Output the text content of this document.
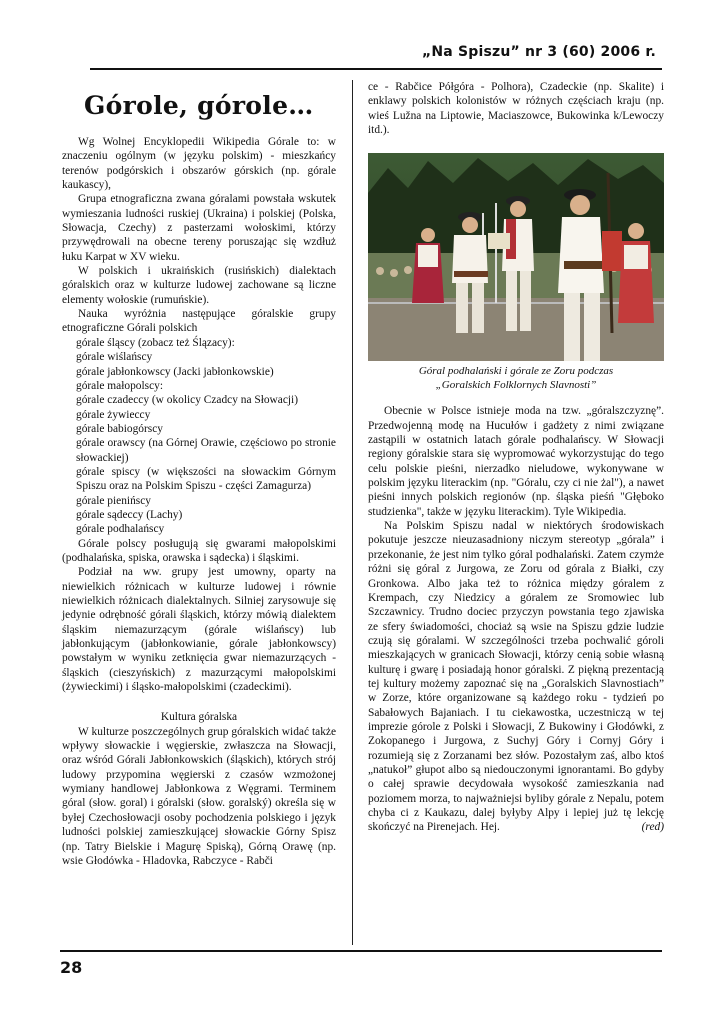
„Na Spiszu” nr 3 (60) 2006 r.
Górole, górole…

Wg Wolnej Encyklopedii Wikipedia Górale to: w znaczeniu ogólnym (w języku polskim) - mieszkańcy terenów podgórskich i obszarów górskich (np. górale kaukascy),

Grupa etnograficzna zwana góralami powstała wskutek wymieszania ludności ruskiej (Ukraina) i polskiej (Polska, Słowacja, Czechy) z pasterzami wołoskimi, którzy przywędrowali na obecne tereny poruszając się wzdłuż łuku Karpat w XV wieku.

W polskich i ukraińskich (rusińskich) dialektach góralskich oraz w kulturze ludowej zachowane są liczne elementy wołoskie (rumuńskie).

Nauka wyróżnia następujące góralskie grupy etnograficzne Górali polskich

górale śląscy (zobacz też Ślązacy):

górale wiślańscy

górale jabłonkowscy (Jacki jabłonkowskie)

górale małopolscy:

górale czadeccy (w okolicy Czadcy na Słowacji)

górale żywieccy

górale babiogórscy

górale orawscy (na Górnej Orawie, częściowo po stronie słowackiej)

górale spiscy (w większości na słowackim Górnym Spiszu oraz na Polskim Spiszu - części Zamagurza)

górale pienińscy

górale sądeccy (Lachy)

górale podhalańscy

Górale polscy posługują się gwarami małopolskimi (podhalańska, spiska, orawska i sądecka) i śląskimi.

Podział na ww. grupy jest umowny, oparty na niewielkich różnicach w kulturze ludowej i równie niewielkich różnicach dialektalnych. Silniej zarysowuje się jedynie odrębność górali śląskich, którzy mówią dialektem śląskim niemazurzącym (górale wiślańscy) lub jabłonkującym (jabłonkowianie, górale jabłonkowscy) powstałym w wyniku zetknięcia gwar niemazurzących - śląskich (cieszyńskich) z mazurzącymi małopolskimi (żywieckimi) i śląsko-małopolskimi (czadeckimi).

Kultura góralska

W kulturze poszczególnych grup góralskich widać także wpływy słowackie i węgierskie, zwłaszcza na Słowacji, oraz wśród Górali Jabłonkowskich (śląskich), których strój ludowy przypomina węgierski z czasów wzmożonej wymiany handlowej Jabłonkowa z Węgrami. Terminem góral (słow. goral) i góralski (słow. goralský) określa się w byłej Czechosłowacji osoby pochodzenia polskiego i język ludności polskiej zamieszkującej słowackie Górny Spisz (np. Tatry Bielskie i Magurę Spiską), Górną Orawę (np. wsie Głodówka - Hladovka, Rabczyce - Rabči

ce - Rabčice Półgóra - Polhora), Czadeckie (np. Skalite) i enklawy polskich kolonistów w różnych częściach kraju (np. wieś Lužna na Liptowie, Maciaszowce, Bukowinka k/Lewoczy itd.).

Góral podhalański i górale ze Zoru podczas
„Goralskich Folklornych Slavnosti”

Obecnie w Polsce istnieje moda na tzw. „góralszczyznę”. Przedwojenną modę na Hucułów i gadżety z nimi związane zastąpili w ostatnich latach górale podhalańscy. W Słowacji regiony góralskie stara się wypromować wykorzystując do tego celu polskie pieśni, nierzadko nieludowe, wykonywane w polskim języku literackim (np. "Góralu, czy ci nie żal"), a nawet pieśni innych polskich regionów (np. śląska pieśń "Głęboko studzienka", także w języku literackim). Tyle Wikipedia.

Na Polskim Spiszu nadal w niektórych środowiskach pokutuje jeszcze nieuzasadniony niczym stereotyp „górala” i przekonanie, że jest nim tylko góral podhalański. Zatem czymże różni się góral z Jurgowa, ze Zoru od górala z Białki, czy Gronkowa. Albo jaka też to różnica między góralem z Krempach, czy Niedzicy a góralem ze Sromowiec lub Szczawnicy. Trudno dociec przyczyn powstania tego zjawiska ze sfery świadomości, chociaż są wsie na Spiszu gdzie ludzie czują się góralami. W szczególności trzeba pochwalić góroli mieszkających w granicach Słowacji, którzy cenią sobie własną kulturę i gwarę i posiadają honor góralski. Z piękną prezentacją tej kultury możemy zapoznać się na „Goralskich Slavnostiach” w Zorze, które organizowane są każdego roku - tydzień po Sabałowych Bajaniach. I tu ciekawostka, uczestniczą w tej imprezie górole z Polski i Słowacji, Z Bukowiny i Głodówki, z Zokopanego i Jurgowa, z Suchyj Góry i Cornyj Góry i rozumieją się z Zorzanami bez słów. Pozostałym zaś, albo ktoś „natukoł” głupot albo są niedouczonymi ignorantami. Bo gdyby o całej sprawie decydowała wysokość zamieszkania nad poziomem morza, to najważniejsi byliby górale z Nepalu, potem chyba ci z Kaukazu, dalej byłyby Alpy i lepiej już tę lekcję skończyć na Pirenejach. Hej.	(red)

28
